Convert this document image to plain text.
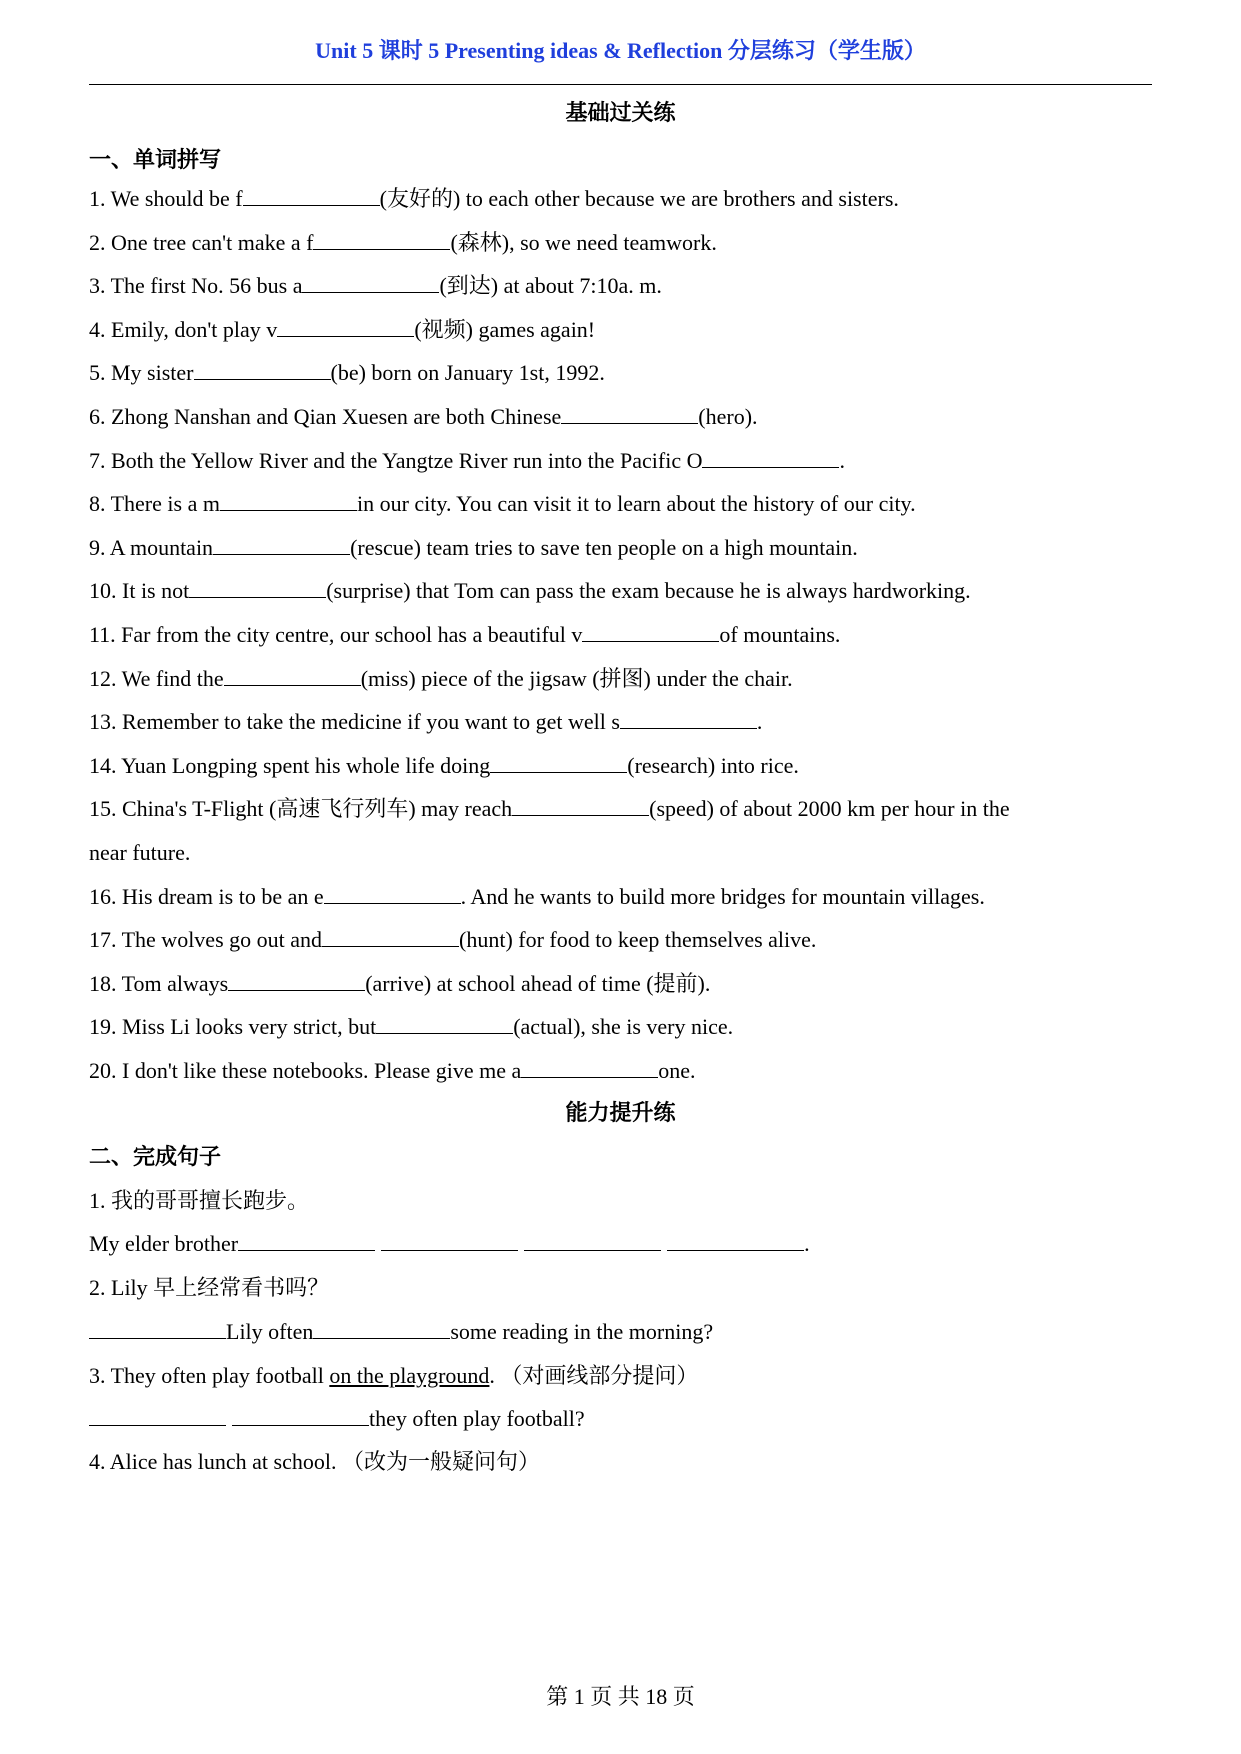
Unit 5 课时 5 Presenting ideas & Reflection 分层练习（学生版）
基础过关练
一、单词拼写
1. We should be f	(友好的) to each other because we are brothers and sisters.
2. One tree can't make a f	(森林), so we need teamwork.
3. The first No. 56 bus a	(到达) at about 7:10a. m.
4. Emily, don't play v	(视频) games again!
5. My sister	(be) born on January 1st, 1992.
6. Zhong Nanshan and Qian Xuesen are both Chinese	(hero).
7. Both the Yellow River and the Yangtze River run into the Pacific O	.
8. There is a m	in our city. You can visit it to learn about the history of our city.
9. A mountain	(rescue) team tries to save ten people on a high mountain.
10. It is not	(surprise) that Tom can pass the exam because he is always hardworking.
11. Far from the city centre, our school has a beautiful v	of mountains.
12. We find the	(miss) piece of the jigsaw (拼图) under the chair.
13. Remember to take the medicine if you want to get well s	.
14. Yuan Longping spent his whole life doing	(research) into rice.
15. China's T-Flight (高速飞行列车) may reach	(speed) of about 2000 km per hour in the
near future.
16. His dream is to be an e	. And he wants to build more bridges for mountain villages.
17. The wolves go out and	(hunt) for food to keep themselves alive.
18. Tom always	(arrive) at school ahead of time (提前).
19. Miss Li looks very strict, but	(actual), she is very nice.
20. I don't like these notebooks. Please give me a	one.
能力提升练
二、完成句子
1. 我的哥哥擅长跑步。
My elder brother	.
2. Lily 早上经常看书吗？
Lily often	some reading in the morning?
3. They often play football on the playground. （对画线部分提问）
they often play football?
4. Alice has lunch at school. （改为一般疑问句）
第 1 页 共 18 页
